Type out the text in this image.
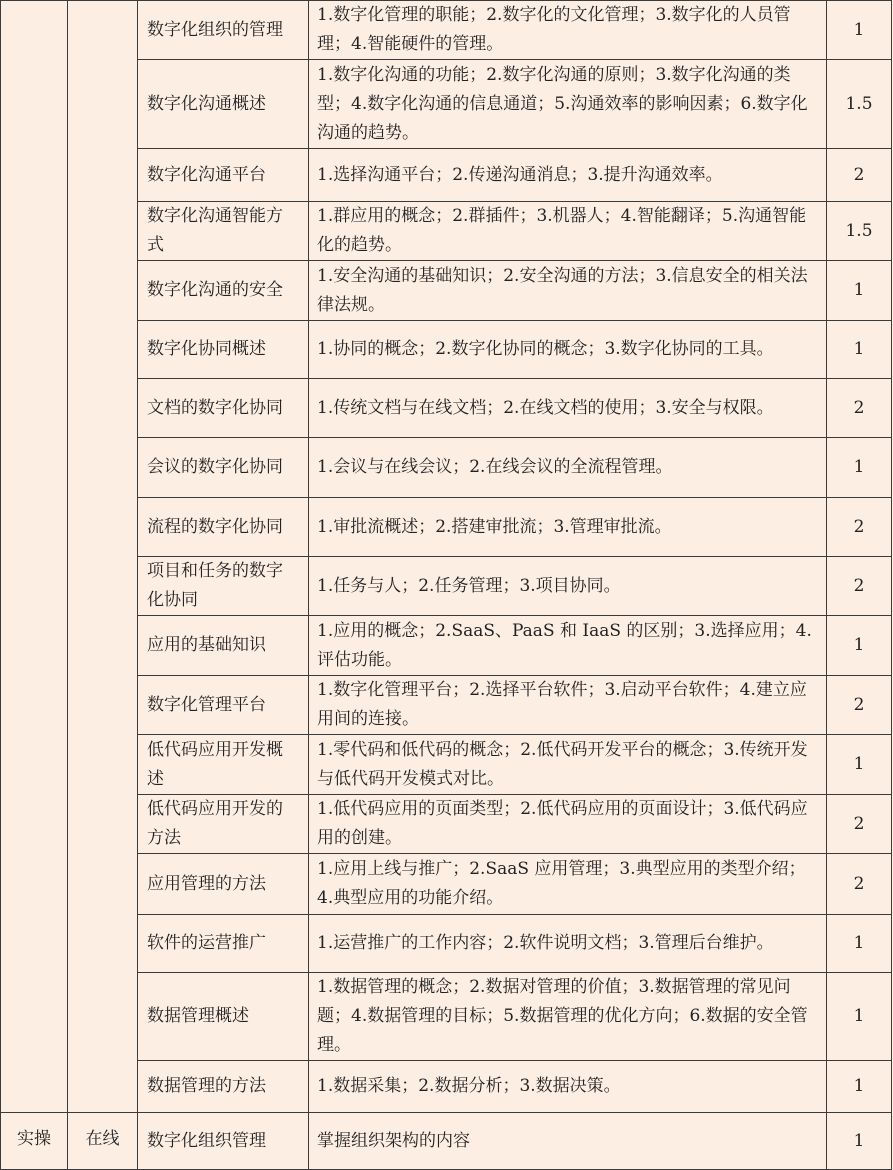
		数字化组织的管理	1.数字化管理的职能；2.数字化的文化管理；3.数字化的人员管理；4.智能硬件的管理。	1
		数字化沟通概述	1.数字化沟通的功能；2.数字化沟通的原则；3.数字化沟通的类型；4.数字化沟通的信息通道；5.沟通效率的影响因素；6.数字化沟通的趋势。	1.5
		数字化沟通平台	1.选择沟通平台；2.传递沟通消息；3.提升沟通效率。	2
		数字化沟通智能方式	1.群应用的概念；2.群插件；3.机器人；4.智能翻译；5.沟通智能化的趋势。	1.5
		数字化沟通的安全	1.安全沟通的基础知识；2.安全沟通的方法；3.信息安全的相关法律法规。	1
		数字化协同概述	1.协同的概念；2.数字化协同的概念；3.数字化协同的工具。	1
		文档的数字化协同	1.传统文档与在线文档；2.在线文档的使用；3.安全与权限。	2
		会议的数字化协同	1.会议与在线会议；2.在线会议的全流程管理。	1
		流程的数字化协同	1.审批流概述；2.搭建审批流；3.管理审批流。	2
		项目和任务的数字化协同	1.任务与人；2.任务管理；3.项目协同。	2
		应用的基础知识	1.应用的概念；2.SaaS、PaaS 和 IaaS 的区别；3.选择应用；4.评估功能。	1
		数字化管理平台	1.数字化管理平台；2.选择平台软件；3.启动平台软件；4.建立应用间的连接。	2
		低代码应用开发概述	1.零代码和低代码的概念；2.低代码开发平台的概念；3.传统开发与低代码开发模式对比。	1
		低代码应用开发的方法	1.低代码应用的页面类型；2.低代码应用的页面设计；3.低代码应用的创建。	2
		应用管理的方法	1.应用上线与推广；2.SaaS 应用管理；3.典型应用的类型介绍；4.典型应用的功能介绍。	2
		软件的运营推广	1.运营推广的工作内容；2.软件说明文档；3.管理后台维护。	1
		数据管理概述	1.数据管理的概念；2.数据对管理的价值；3.数据管理的常见问题；4.数据管理的目标；5.数据管理的优化方向；6.数据的安全管理。	1
		数据管理的方法	1.数据采集；2.数据分析；3.数据决策。	1

实操	在线	数字化组织管理	掌握组织架构的内容	1
